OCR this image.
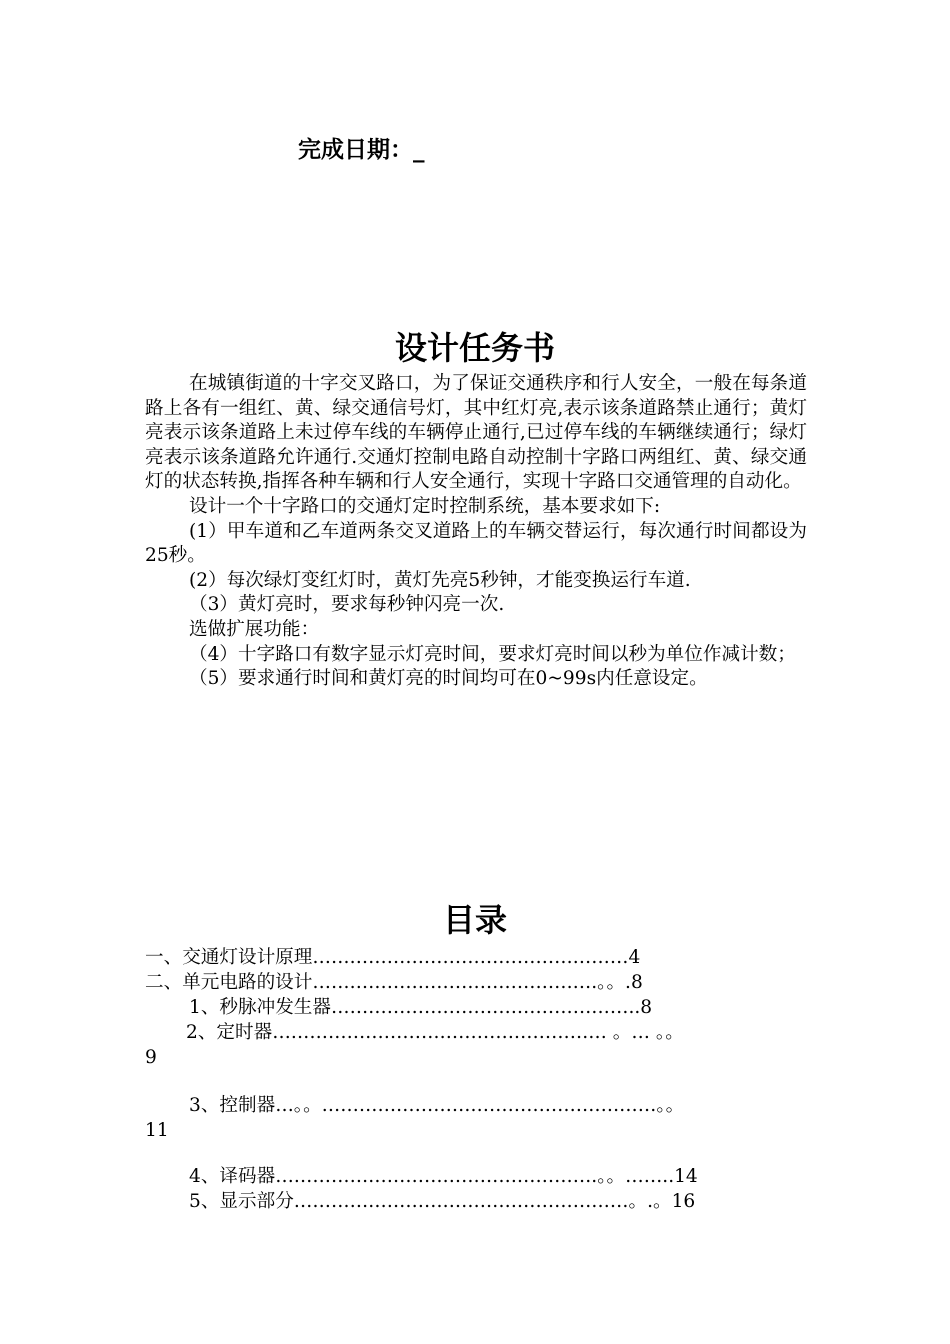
完成日期：_
设计任务书

在城镇街道的十字交叉路口，为了保证交通秩序和行人安全，一般在每条道路上各有一组红、黄、绿交通信号灯，其中红灯亮,表示该条道路禁止通行；黄灯亮表示该条道路上未过停车线的车辆停止通行,已过停车线的车辆继续通行；绿灯亮表示该条道路允许通行.交通灯控制电路自动控制十字路口两组红、黄、绿交通灯的状态转换,指挥各种车辆和行人安全通行，实现十字路口交通管理的自动化。

设计一个十字路口的交通灯定时控制系统，基本要求如下:

(1）甲车道和乙车道两条交叉道路上的车辆交替运行，每次通行时间都设为25秒。

(2）每次绿灯变红灯时，黄灯先亮5秒钟，才能变换运行车道.

（3）黄灯亮时，要求每秒钟闪亮一次.

选做扩展功能：

（4）十字路口有数字显示灯亮时间，要求灯亮时间以秒为单位作减计数；

（5）要求通行时间和黄灯亮的时间均可在0~99s内任意设定。

目录
一、交通灯设计原理……………………………………………4
二、单元电路的设计……………………………………….。。.8
1、秒脉冲发生器…………………………………………..8
2、定时器……………………………………………… 。… 。。
9
3、控制器…。。………………………………………………。。
11
4、译码器…………………………………………….。。……..14
5、显示部分………………………………………………。.。16
